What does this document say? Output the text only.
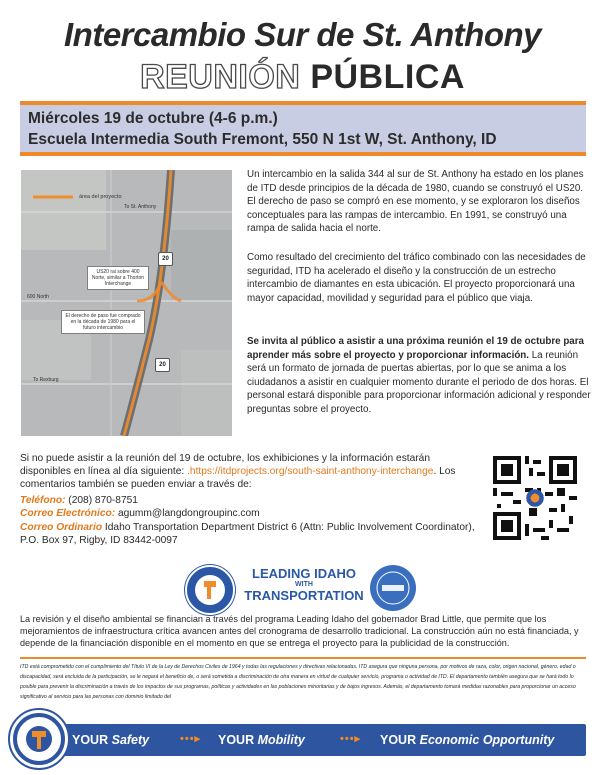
Intercambio Sur de St. Anthony
REUNIÓN PÚBLICA
Miércoles 19 de octubre (4-6 p.m.)
Escuela Intermedia South Fremont, 550 N 1st W, St. Anthony, ID
área del proyecto
To St. Anthony
600 North
To Rexburg
20
20
US20 rai sobre 400 Norte, similar a Thorton Interchange
El derecho de paso fue comprado en la década de 1980 para el futuro intercambio
Un intercambio en la salida 344 al sur de St. Anthony ha estado en los planes de ITD desde principios de la década de 1980, cuando se construyó el US20. El derecho de paso se compró en ese momento, y se exploraron los diseños conceptuales para las rampas de intercambio. En 1991, se construyó una rampa de salida hacia el norte.
Como resultado del crecimiento del tráfico combinado con las necesidades de seguridad, ITD ha acelerado el diseño y la construcción de un estrecho intercambio de diamantes en esta ubicación. El proyecto proporcionará una mayor capacidad, movilidad y seguridad para el público que viaja.
Se invita al público a asistir a una próxima reunión el 19 de octubre para aprender más sobre el proyecto y proporcionar información. La reunión será un formato de jornada de puertas abiertas, por lo que se anima a los ciudadanos a asistir en cualquier momento durante el periodo de dos horas. El personal estará disponible para proporcionar información adicional y responder preguntas sobre el proyecto.
Si no puede asistir a la reunión del 19 de octubre, los exhibiciones y la información estarán disponibles en línea al día siguiente: .https://itdprojects.org/south-saint-anthony-interchange. Los comentarios también se pueden enviar a través de:
Teléfono: (208) 870-8751
Correo Electrónico: agumm@langdongroupinc.com
Correo Ordinario Idaho Transportation Department District 6 (Attn: Public Involvement Coordinator), P.O. Box 97, Rigby, ID 83442-0097
LEADING IDAHO
WITH
TRANSPORTATION
La revisión y el diseño ambiental se financian a través del programa Leading Idaho del gobernador Brad Little, que permite que los mejoramientos de infraestructura crítica avancen antes del cronograma de desarrollo tradicional. La construcción aún no está financiada, y depende de la financiación disponible en el momento en que se entrega el proyecto para la publicidad de la construcción.
ITD está comprometido con el cumplimiento del Título VI de la Ley de Derechos Civiles de 1964 y todas las regulaciones y directivas relacionadas. ITD asegura que ninguna persona, por motivos de raza, color, origen nacional, género, edad o discapacidad, será excluida de la participación, se le negará el beneficio de, o será sometida a discriminación de otra manera en virtud de cualquier servicio, programa o actividad de ITD. El departamento también asegura que se hará todo lo posible para prevenir la discriminación a través de los impactos de sus programas, políticas y actividades en las poblaciones minoritarias y de bajos ingresos. Además, el departamento tomará medidas razonables para proporcionar un acceso significativo al servicio para las personas con dominio limitado del
YOUR Safety	•••▸ YOUR Mobility	•••▸ YOUR Economic Opportunity
